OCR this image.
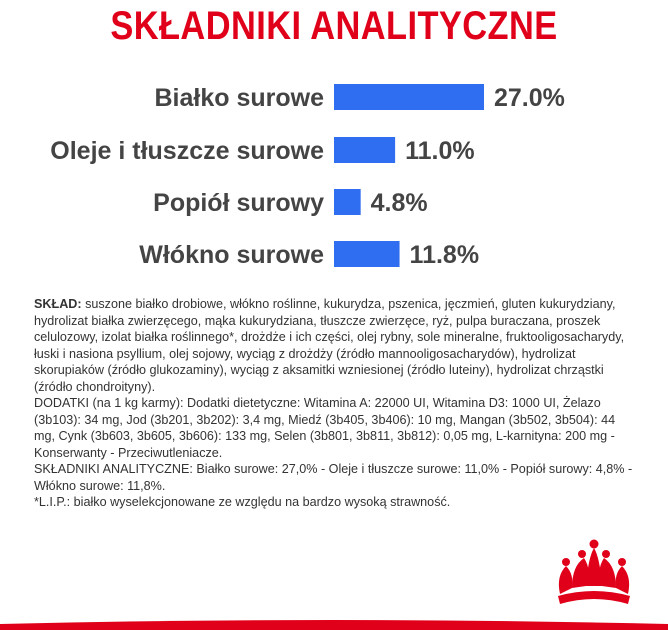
SKŁADNIKI ANALITYCZNE
Białko surowe	27.0%
Oleje i tłuszcze surowe	11.0%
Popiół surowy 4.8%
Włókno surowe	11.8%

SKŁAD: suszone białko drobiowe, włókno roślinne, kukurydza, pszenica, jęczmień, gluten kukurydziany, hydrolizat białka zwierzęcego, mąka kukurydziana, tłuszcze zwierzęce, ryż, pulpa buraczana, proszek celulozowy, izolat białka roślinnego*, drożdże i ich części, olej rybny, sole mineralne, fruktooligosacharydy, łuski i nasiona psyllium, olej sojowy, wyciąg z drożdży (źródło mannooligosacharydów), hydrolizat skorupiaków (źródło glukozaminy), wyciąg z aksamitki wzniesionej (źródło luteiny), hydrolizat chrząstki (źródło chondroityny).

DODATKI (na 1 kg karmy): Dodatki dietetyczne: Witamina A: 22000 UI, Witamina D3: 1000 UI, Żelazo (3b103): 34 mg, Jod (3b201, 3b202): 3,4 mg, Miedź (3b405, 3b406): 10 mg, Mangan (3b502, 3b504): 44 mg, Cynk (3b603, 3b605, 3b606): 133 mg, Selen (3b801, 3b811, 3b812): 0,05 mg, L-karnityna: 200 mg - Konserwanty - Przeciwutleniacze.

SKŁADNIKI ANALITYCZNE: Białko surowe: 27,0% - Oleje i tłuszcze surowe: 11,0% - Popiół surowy: 4,8% - Włókno surowe: 11,8%.

*L.I.P.: białko wyselekcjonowane ze względu na bardzo wysoką strawność.
